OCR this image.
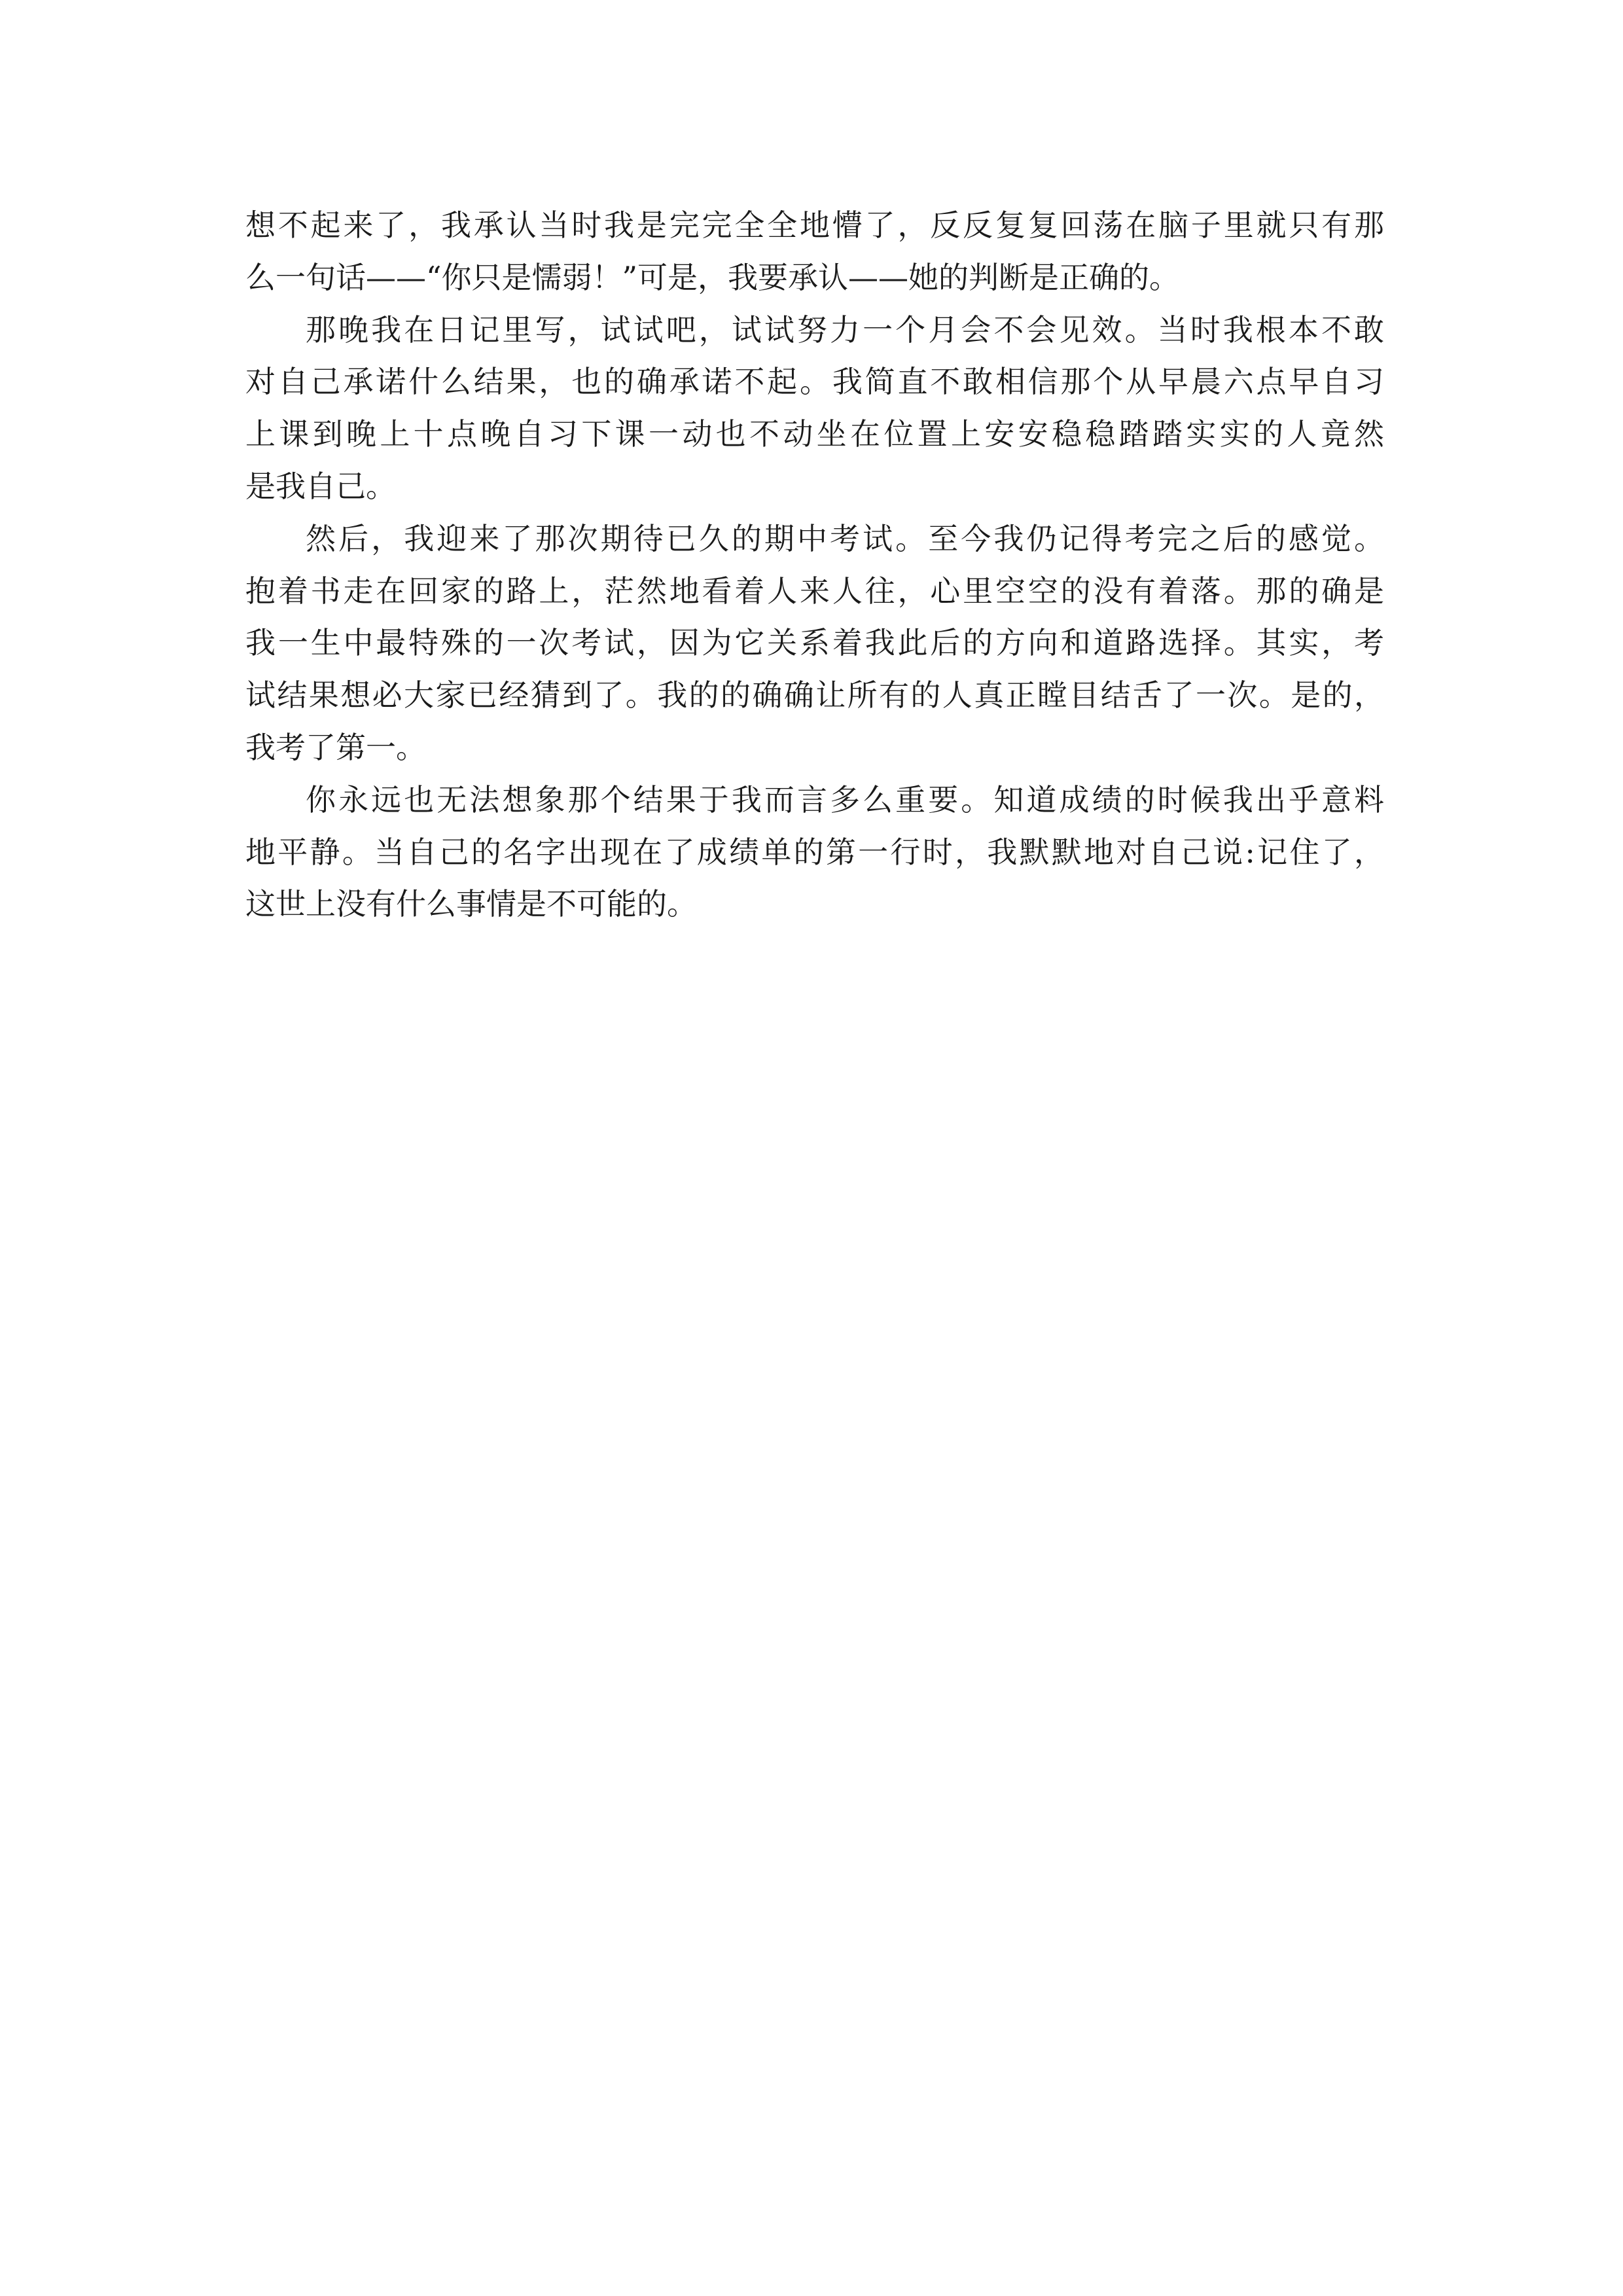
想不起来了，我承认当时我是完完全全地懵了，反反复复回荡在脑子里就只有那
么一句话——“你只是懦弱！”可是，我要承认——她的判断是正确的。
那晚我在日记里写，试试吧，试试努力一个月会不会见效。当时我根本不敢
对自己承诺什么结果，也的确承诺不起。我简直不敢相信那个从早晨六点早自习
上课到晚上十点晚自习下课一动也不动坐在位置上安安稳稳踏踏实实的人竟然
是我自己。
然后，我迎来了那次期待已久的期中考试。至今我仍记得考完之后的感觉。
抱着书走在回家的路上，茫然地看着人来人往，心里空空的没有着落。那的确是
我一生中最特殊的一次考试，因为它关系着我此后的方向和道路选择。其实，考
试结果想必大家已经猜到了。我的的确确让所有的人真正瞠目结舌了一次。是的，
我考了第一。
你永远也无法想象那个结果于我而言多么重要。知道成绩的时候我出乎意料
地平静。当自己的名字出现在了成绩单的第一行时，我默默地对自己说:记住了，
这世上没有什么事情是不可能的。
